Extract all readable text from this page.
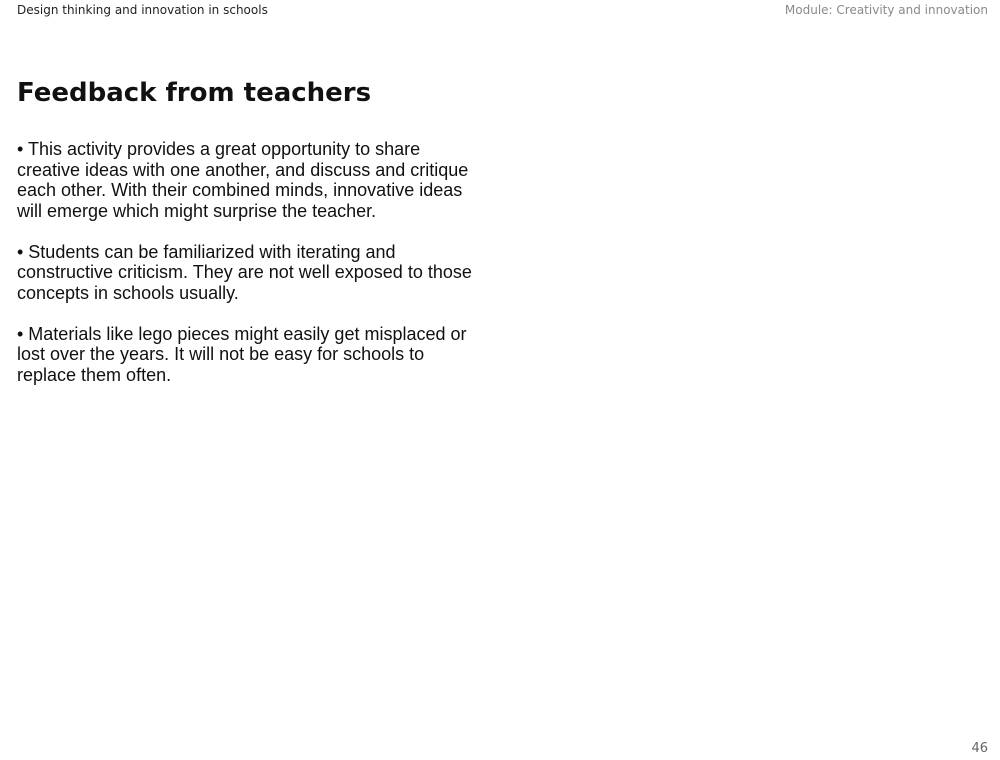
Design thinking and innovation in schools	Module: Creativity and innovation
Feedback from teachers

• This activity provides a great opportunity to share creative ideas with one another, and discuss and critique each other. With their combined minds, innovative ideas will emerge which might surprise the teacher.

• Students can be familiarized with iterating and constructive criticism. They are not well exposed to those concepts in schools usually.

• Materials like lego pieces might easily get misplaced or lost over the years. It will not be easy for schools to replace them often.

46
